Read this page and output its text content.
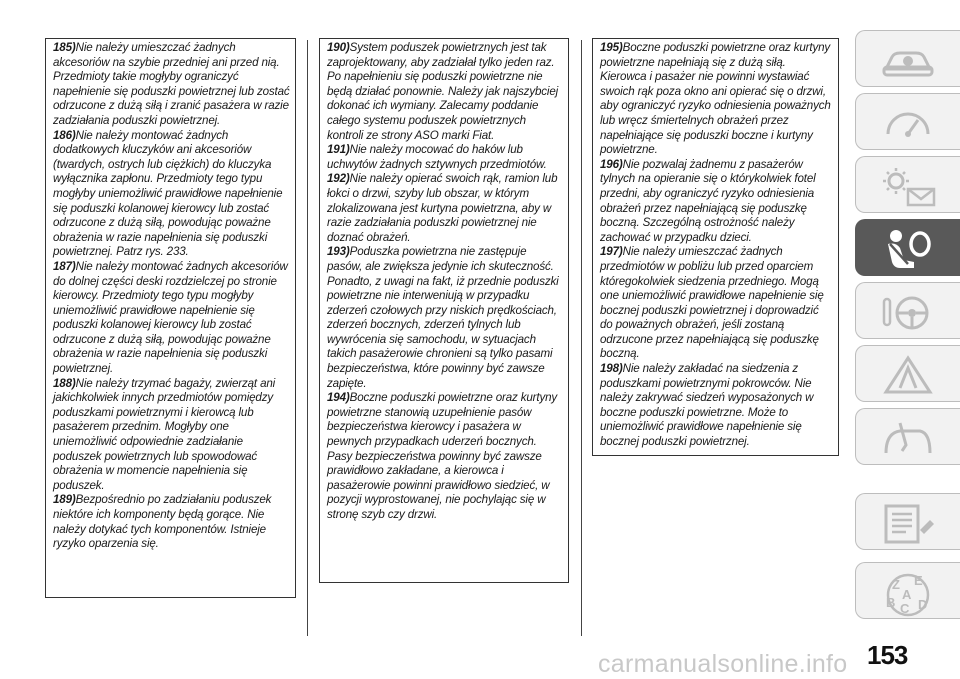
185)Nie należy umieszczać żadnych akcesoriów na szybie przedniej ani przed nią. Przedmioty takie mogłyby ograniczyć napełnienie się poduszki powietrznej lub zostać odrzucone z dużą siłą i zranić pasażera w razie zadziałania poduszki powietrznej.

186)Nie należy montować żadnych dodatkowych kluczyków ani akcesoriów (twardych, ostrych lub ciężkich) do kluczyka wyłącznika zapłonu. Przedmioty tego typu mogłyby uniemożliwić prawidłowe napełnienie się poduszki kolanowej kierowcy lub zostać odrzucone z dużą siłą, powodując poważne obrażenia w razie napełnienia się poduszki powietrznej. Patrz rys. 233.

187)Nie należy montować żadnych akcesoriów do dolnej części deski rozdzielczej po stronie kierowcy. Przedmioty tego typu mogłyby uniemożliwić prawidłowe napełnienie się poduszki kolanowej kierowcy lub zostać odrzucone z dużą siłą, powodując poważne obrażenia w razie napełnienia się poduszki powietrznej.

188)Nie należy trzymać bagaży, zwierząt ani jakichkolwiek innych przedmiotów pomiędzy poduszkami powietrznymi i kierowcą lub pasażerem przednim. Mogłyby one uniemożliwić odpowiednie zadziałanie poduszek powietrznych lub spowodować obrażenia w momencie napełnienia się poduszek.

189)Bezpośrednio po zadziałaniu poduszek niektóre ich komponenty będą gorące. Nie należy dotykać tych komponentów. Istnieje ryzyko oparzenia się.

190)System poduszek powietrznych jest tak zaprojektowany, aby zadziałał tylko jeden raz. Po napełnieniu się poduszki powietrzne nie będą działać ponownie. Należy jak najszybciej dokonać ich wymiany. Zalecamy poddanie całego systemu poduszek powietrznych kontroli ze strony ASO marki Fiat.

191)Nie należy mocować do haków lub uchwytów żadnych sztywnych przedmiotów.

192)Nie należy opierać swoich rąk, ramion lub łokci o drzwi, szyby lub obszar, w którym zlokalizowana jest kurtyna powietrzna, aby w razie zadziałania poduszki powietrznej nie doznać obrażeń.

193)Poduszka powietrzna nie zastępuje pasów, ale zwiększa jedynie ich skuteczność. Ponadto, z uwagi na fakt, iż przednie poduszki powietrzne nie interweniują w przypadku zderzeń czołowych przy niskich prędkościach, zderzeń bocznych, zderzeń tylnych lub wywrócenia się samochodu, w sytuacjach takich pasażerowie chronieni są tylko pasami bezpieczeństwa, które powinny być zawsze zapięte.

194)Boczne poduszki powietrzne oraz kurtyny powietrzne stanowią uzupełnienie pasów bezpieczeństwa kierowcy i pasażera w pewnych przypadkach uderzeń bocznych. Pasy bezpieczeństwa powinny być zawsze prawidłowo zakładane, a kierowca i pasażerowie powinni prawidłowo siedzieć, w pozycji wyprostowanej, nie pochylając się w stronę szyb czy drzwi.

195)Boczne poduszki powietrzne oraz kurtyny powietrzne napełniają się z dużą siłą. Kierowca i pasażer nie powinni wystawiać swoich rąk poza okno ani opierać się o drzwi, aby ograniczyć ryzyko odniesienia poważnych lub wręcz śmiertelnych obrażeń przez napełniające się poduszki boczne i kurtyny powietrzne.

196)Nie pozwalaj żadnemu z pasażerów tylnych na opieranie się o którykolwiek fotel przedni, aby ograniczyć ryzyko odniesienia obrażeń przez napełniającą się poduszkę boczną. Szczególną ostrożność należy zachować w przypadku dzieci.

197)Nie należy umieszczać żadnych przedmiotów w pobliżu lub przed oparciem któregokolwiek siedzenia przedniego. Mogą one uniemożliwić prawidłowe napełnienie się bocznej poduszki powietrznej i doprowadzić do poważnych obrażeń, jeśli zostaną odrzucone przez napełniającą się poduszkę boczną.

198)Nie należy zakładać na siedzenia z poduszkami powietrznymi pokrowców. Nie należy zakrywać siedzeń wyposażonych w boczne poduszki powietrzne. Może to uniemożliwić prawidłowe napełnienie się bocznej poduszki powietrznej.

Z E
A
B D
C
153
carmanualsonline.info
